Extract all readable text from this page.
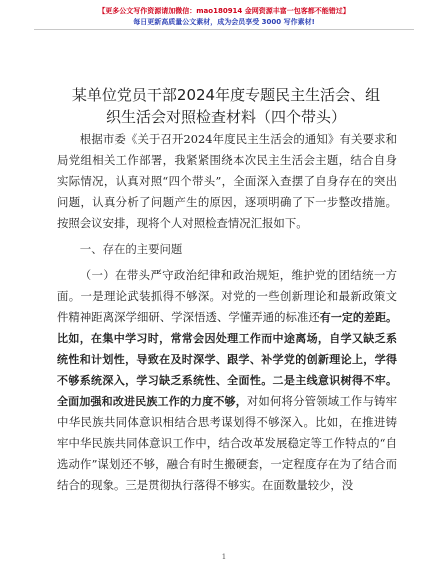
【更多公文写作资源请加微信：mao180914 金网资源丰富一包客都不能错过】
每日更新高质量公文素材，成为会员享受 3000 写作素材!
某单位党员干部2024年度专题民主生活会、组
织生活会对照检查材料（四个带头）

根据市委《关于召开2024年度民主生活会的通知》有关要求和局党组相关工作部署，我紧紧围绕本次民主生活会主题，结合自身实际情况，认真对照“四个带头”，全面深入查摆了自身存在的突出问题，认真分析了问题产生的原因，逐项明确了下一步整改措施。按照会议安排，现将个人对照检查情况汇报如下。

一、存在的主要问题

（一）在带头严守政治纪律和政治规矩，维护党的团结统一方面。一是理论武装抓得不够深。对党的一些创新理论和最新政策文件精神距离深学细研、学深悟透、学懂弄通的标准还有一定的差距。比如，在集中学习时，常常会因处理工作而中途离场，自学又缺乏系统性和计划性，导致在及时深学、跟学、补学党的创新理论上，学得不够系统深入，学习缺乏系统性、全面性。二是主线意识树得不牢。全面加强和改进民族工作的力度不够，对如何将分管领域工作与铸牢中华民族共同体意识相结合思考谋划得不够深入。比如，在推进铸牢中华民族共同体意识工作中，结合改革发展稳定等工作特点的“自选动作”谋划还不够，融合有时生搬硬套，一定程度存在为了结合而结合的现象。三是贯彻执行落得不够实。在面数量较少，没

1
